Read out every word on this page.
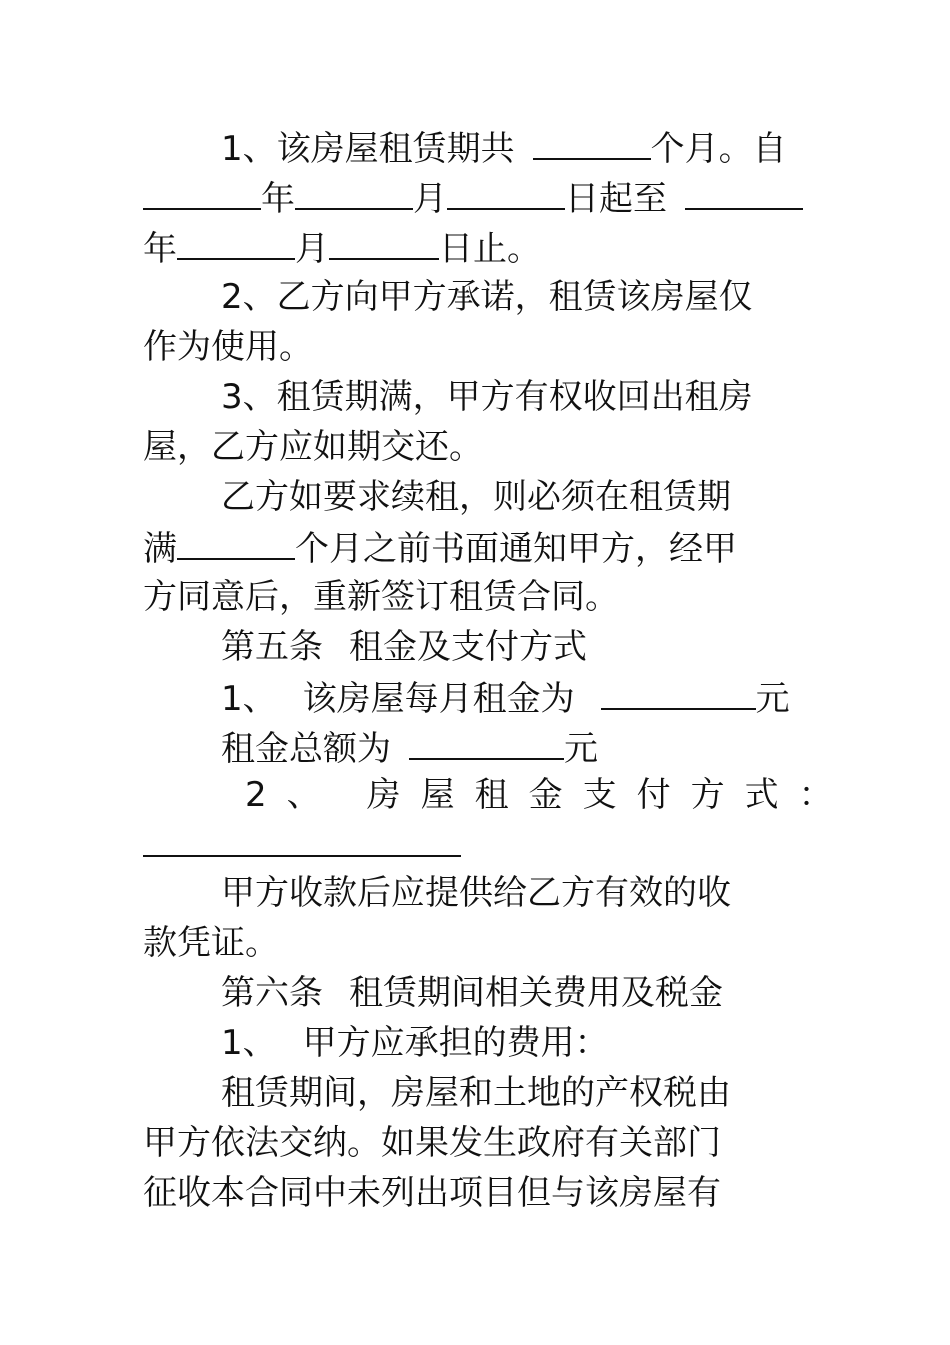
1、该房屋租赁期共	个月。自
年	月	日起至
年	月	日止。
2、乙方向甲方承诺，租赁该房屋仅
作为使用。
3、租赁期满，甲方有权收回出租房
屋，乙方应如期交还。
乙方如要求续租，则必须在租赁期
满	个月之前书面通知甲方，经甲
方同意后，重新签订租赁合同。
第五条 租金及支付方式
1、 该房屋每月租金为	元
租金总额为	元
2、 房屋租金支付方式：
甲方收款后应提供给乙方有效的收
款凭证。
第六条 租赁期间相关费用及税金
1、 甲方应承担的费用：
租赁期间，房屋和土地的产权税由
甲方依法交纳。如果发生政府有关部门
征收本合同中未列出项目但与该房屋有
